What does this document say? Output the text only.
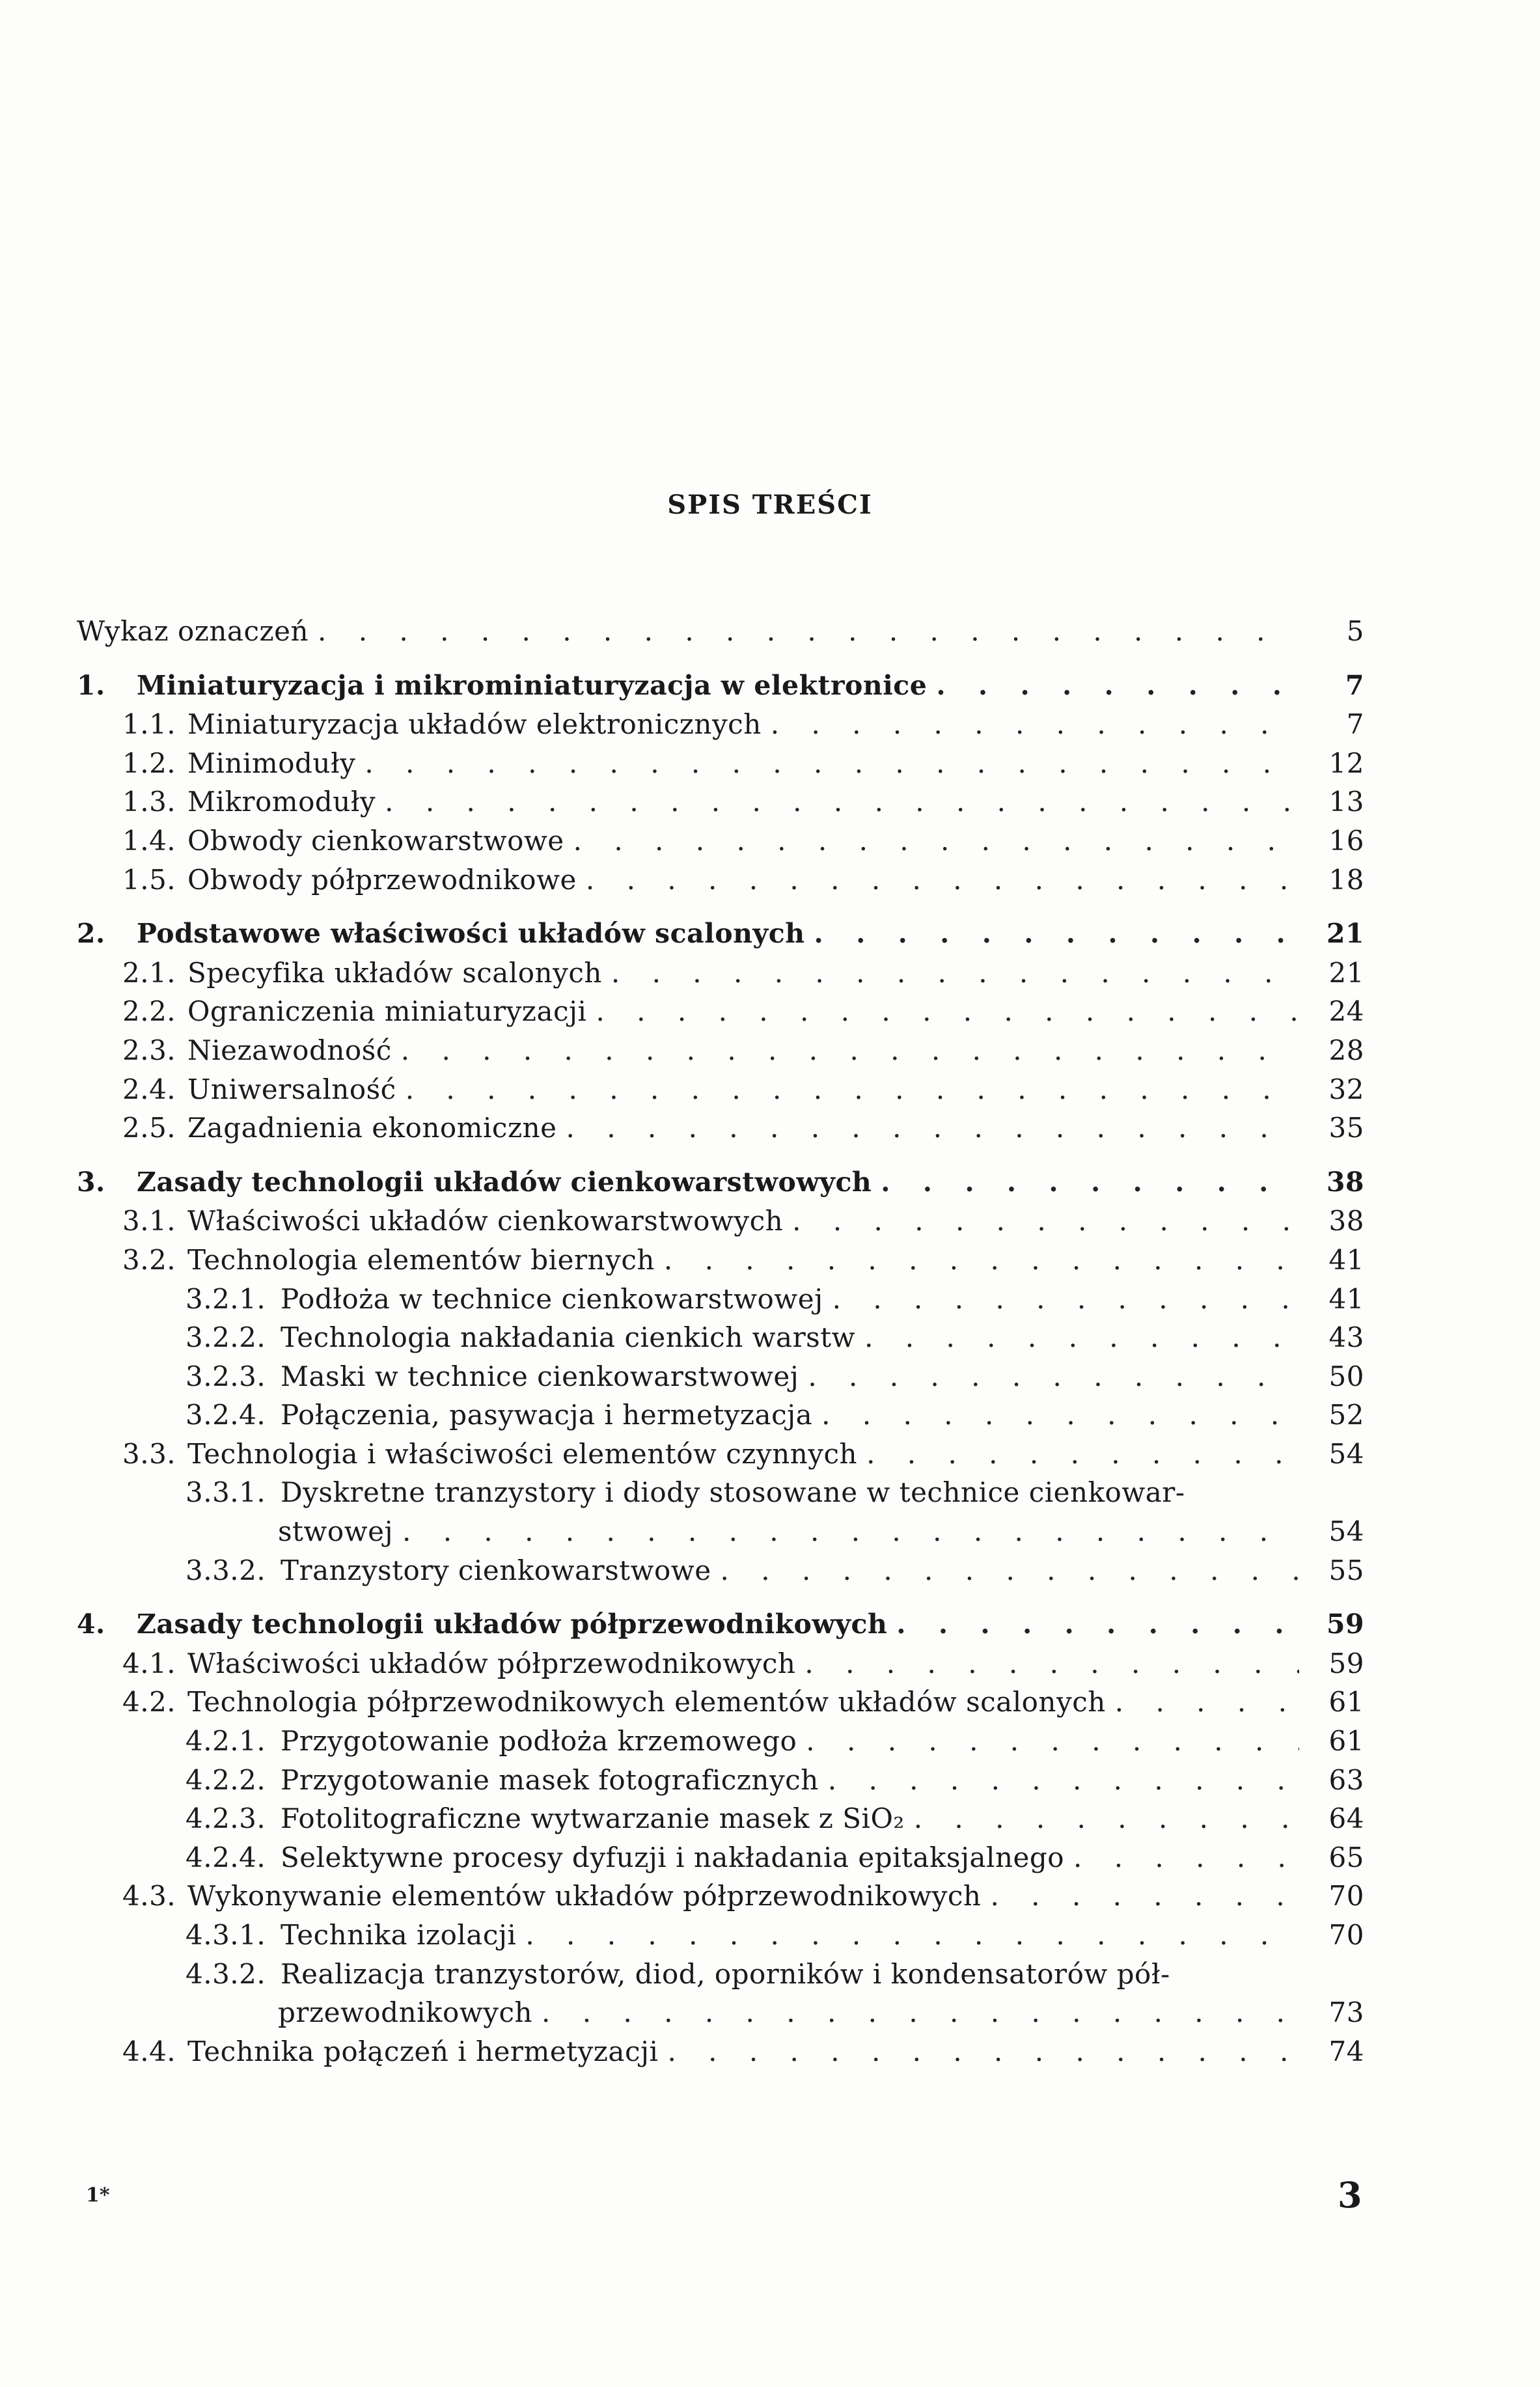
SPIS TREŚCI
Wykaz oznaczeń . . .	5
1.	Miniaturyzacja i mikrominiaturyzacja w elektronice . . .	7
1.1. Miniaturyzacja układów elektronicznych . . .	7
1.2. Minimoduły . . .	12
1.3. Mikromoduły . . .	13
1.4. Obwody cienkowarstwowe . . .	16
1.5. Obwody półprzewodnikowe . . .	18
2.	Podstawowe właściwości układów scalonych . . .	21
2.1. Specyfika układów scalonych . . .	21
2.2. Ograniczenia miniaturyzacji . . .	24
2.3. Niezawodność . . .	28
2.4. Uniwersalność . . .	32
2.5. Zagadnienia ekonomiczne . . .	35
3.	Zasady technologii układów cienkowarstwowych . . .	38
3.1. Właściwości układów cienkowarstwowych . . .	38
3.2. Technologia elementów biernych . . .	41
3.2.1. Podłoża w technice cienkowarstwowej . . .	41
3.2.2. Technologia nakładania cienkich warstw . . .	43
3.2.3. Maski w technice cienkowarstwowej . . .	50
3.2.4. Połączenia, pasywacja i hermetyzacja . . .	52
3.3. Technologia i właściwości elementów czynnych . . .	54
3.3.1. Dyskretne tranzystory i diody stosowane w technice cienkowar-
stwowej . . .	54
3.3.2. Tranzystory cienkowarstwowe . . .	55
4.	Zasady technologii układów półprzewodnikowych . . .	59
4.1. Właściwości układów półprzewodnikowych . . .	59
4.2. Technologia półprzewodnikowych elementów układów scalonych . . .	61
4.2.1. Przygotowanie podłoża krzemowego . . .	61
4.2.2. Przygotowanie masek fotograficznych . . .	63
4.2.3. Fotolitograficzne wytwarzanie masek z SiO₂ . . .	64
4.2.4. Selektywne procesy dyfuzji i nakładania epitaksjalnego . . .	65
4.3. Wykonywanie elementów układów półprzewodnikowych . . .	70
4.3.1. Technika izolacji . . .	70
4.3.2. Realizacja tranzystorów, diod, oporników i kondensatorów pół-
przewodnikowych . . .	73
4.4. Technika połączeń i hermetyzacji . . .	74
1*	3
